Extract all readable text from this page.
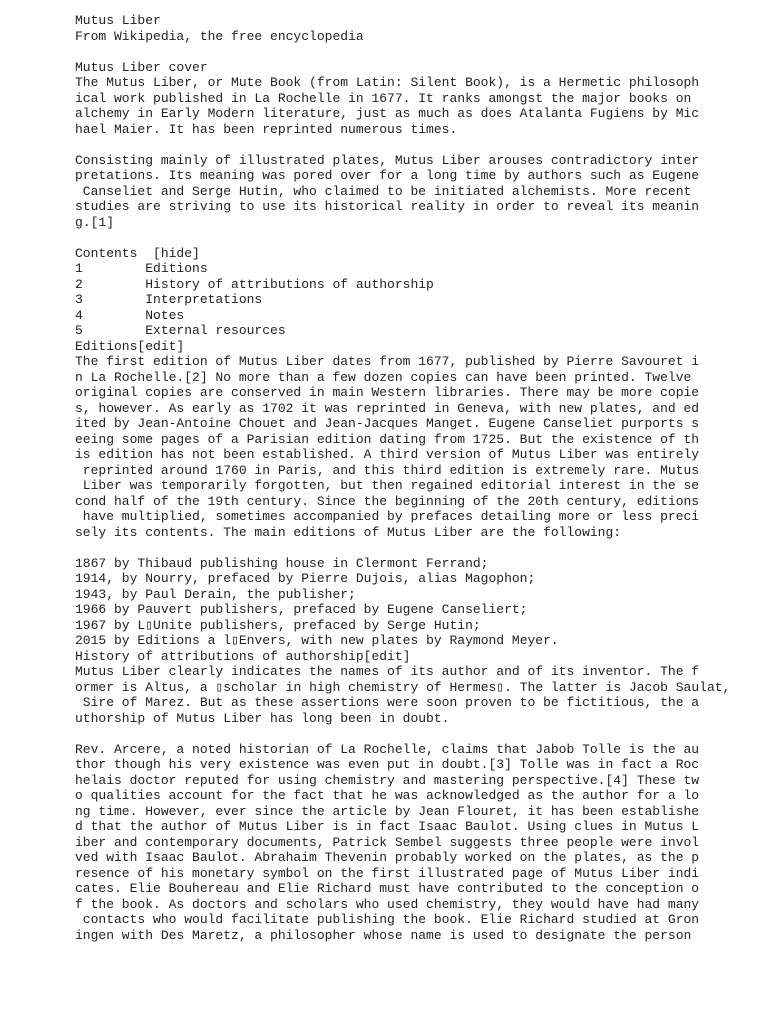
Mutus Liber
From Wikipedia, the free encyclopedia
Mutus Liber cover
The Mutus Liber, or Mute Book (from Latin: Silent Book), is a Hermetic philosoph
ical work published in La Rochelle in 1677. It ranks amongst the major books on
alchemy in Early Modern literature, just as much as does Atalanta Fugiens by Mic
hael Maier. It has been reprinted numerous times.
Consisting mainly of illustrated plates, Mutus Liber arouses contradictory inter
pretations. Its meaning was pored over for a long time by authors such as Eugene
Canseliet and Serge Hutin, who claimed to be initiated alchemists. More recent
studies are striving to use its historical reality in order to reveal its meanin
g.[1]
Contents  [hide]
1        Editions
2        History of attributions of authorship
3        Interpretations
4        Notes
5        External resources
Editions[edit]
The first edition of Mutus Liber dates from 1677, published by Pierre Savouret i
n La Rochelle.[2] No more than a few dozen copies can have been printed. Twelve
original copies are conserved in main Western libraries. There may be more copie
s, however. As early as 1702 it was reprinted in Geneva, with new plates, and ed
ited by Jean-Antoine Chouet and Jean-Jacques Manget. Eugene Canseliet purports s
eeing some pages of a Parisian edition dating from 1725. But the existence of th
is edition has not been established. A third version of Mutus Liber was entirely
reprinted around 1760 in Paris, and this third edition is extremely rare. Mutus
Liber was temporarily forgotten, but then regained editorial interest in the se
cond half of the 19th century. Since the beginning of the 20th century, editions
have multiplied, sometimes accompanied by prefaces detailing more or less preci
sely its contents. The main editions of Mutus Liber are the following:
1867 by Thibaud publishing house in Clermont Ferrand;
1914, by Nourry, prefaced by Pierre Dujois, alias Magophon;
1943, by Paul Derain, the publisher;
1966 by Pauvert publishers, prefaced by Eugene Canseliert;
1967 by L▯Unite publishers, prefaced by Serge Hutin;
2015 by Editions a l▯Envers, with new plates by Raymond Meyer.
History of attributions of authorship[edit]
Mutus Liber clearly indicates the names of its author and of its inventor. The f
ormer is Altus, a ▯scholar in high chemistry of Hermes▯. The latter is Jacob Saulat,
Sire of Marez. But as these assertions were soon proven to be fictitious, the a
uthorship of Mutus Liber has long been in doubt.
Rev. Arcere, a noted historian of La Rochelle, claims that Jabob Tolle is the au
thor though his very existence was even put in doubt.[3] Tolle was in fact a Roc
helais doctor reputed for using chemistry and mastering perspective.[4] These tw
o qualities account for the fact that he was acknowledged as the author for a lo
ng time. However, ever since the article by Jean Flouret, it has been establishe
d that the author of Mutus Liber is in fact Isaac Baulot. Using clues in Mutus L
iber and contemporary documents, Patrick Sembel suggests three people were invol
ved with Isaac Baulot. Abrahaim Thevenin probably worked on the plates, as the p
resence of his monetary symbol on the first illustrated page of Mutus Liber indi
cates. Elie Bouhereau and Elie Richard must have contributed to the conception o
f the book. As doctors and scholars who used chemistry, they would have had many
contacts who would facilitate publishing the book. Elie Richard studied at Gron
ingen with Des Maretz, a philosopher whose name is used to designate the person
